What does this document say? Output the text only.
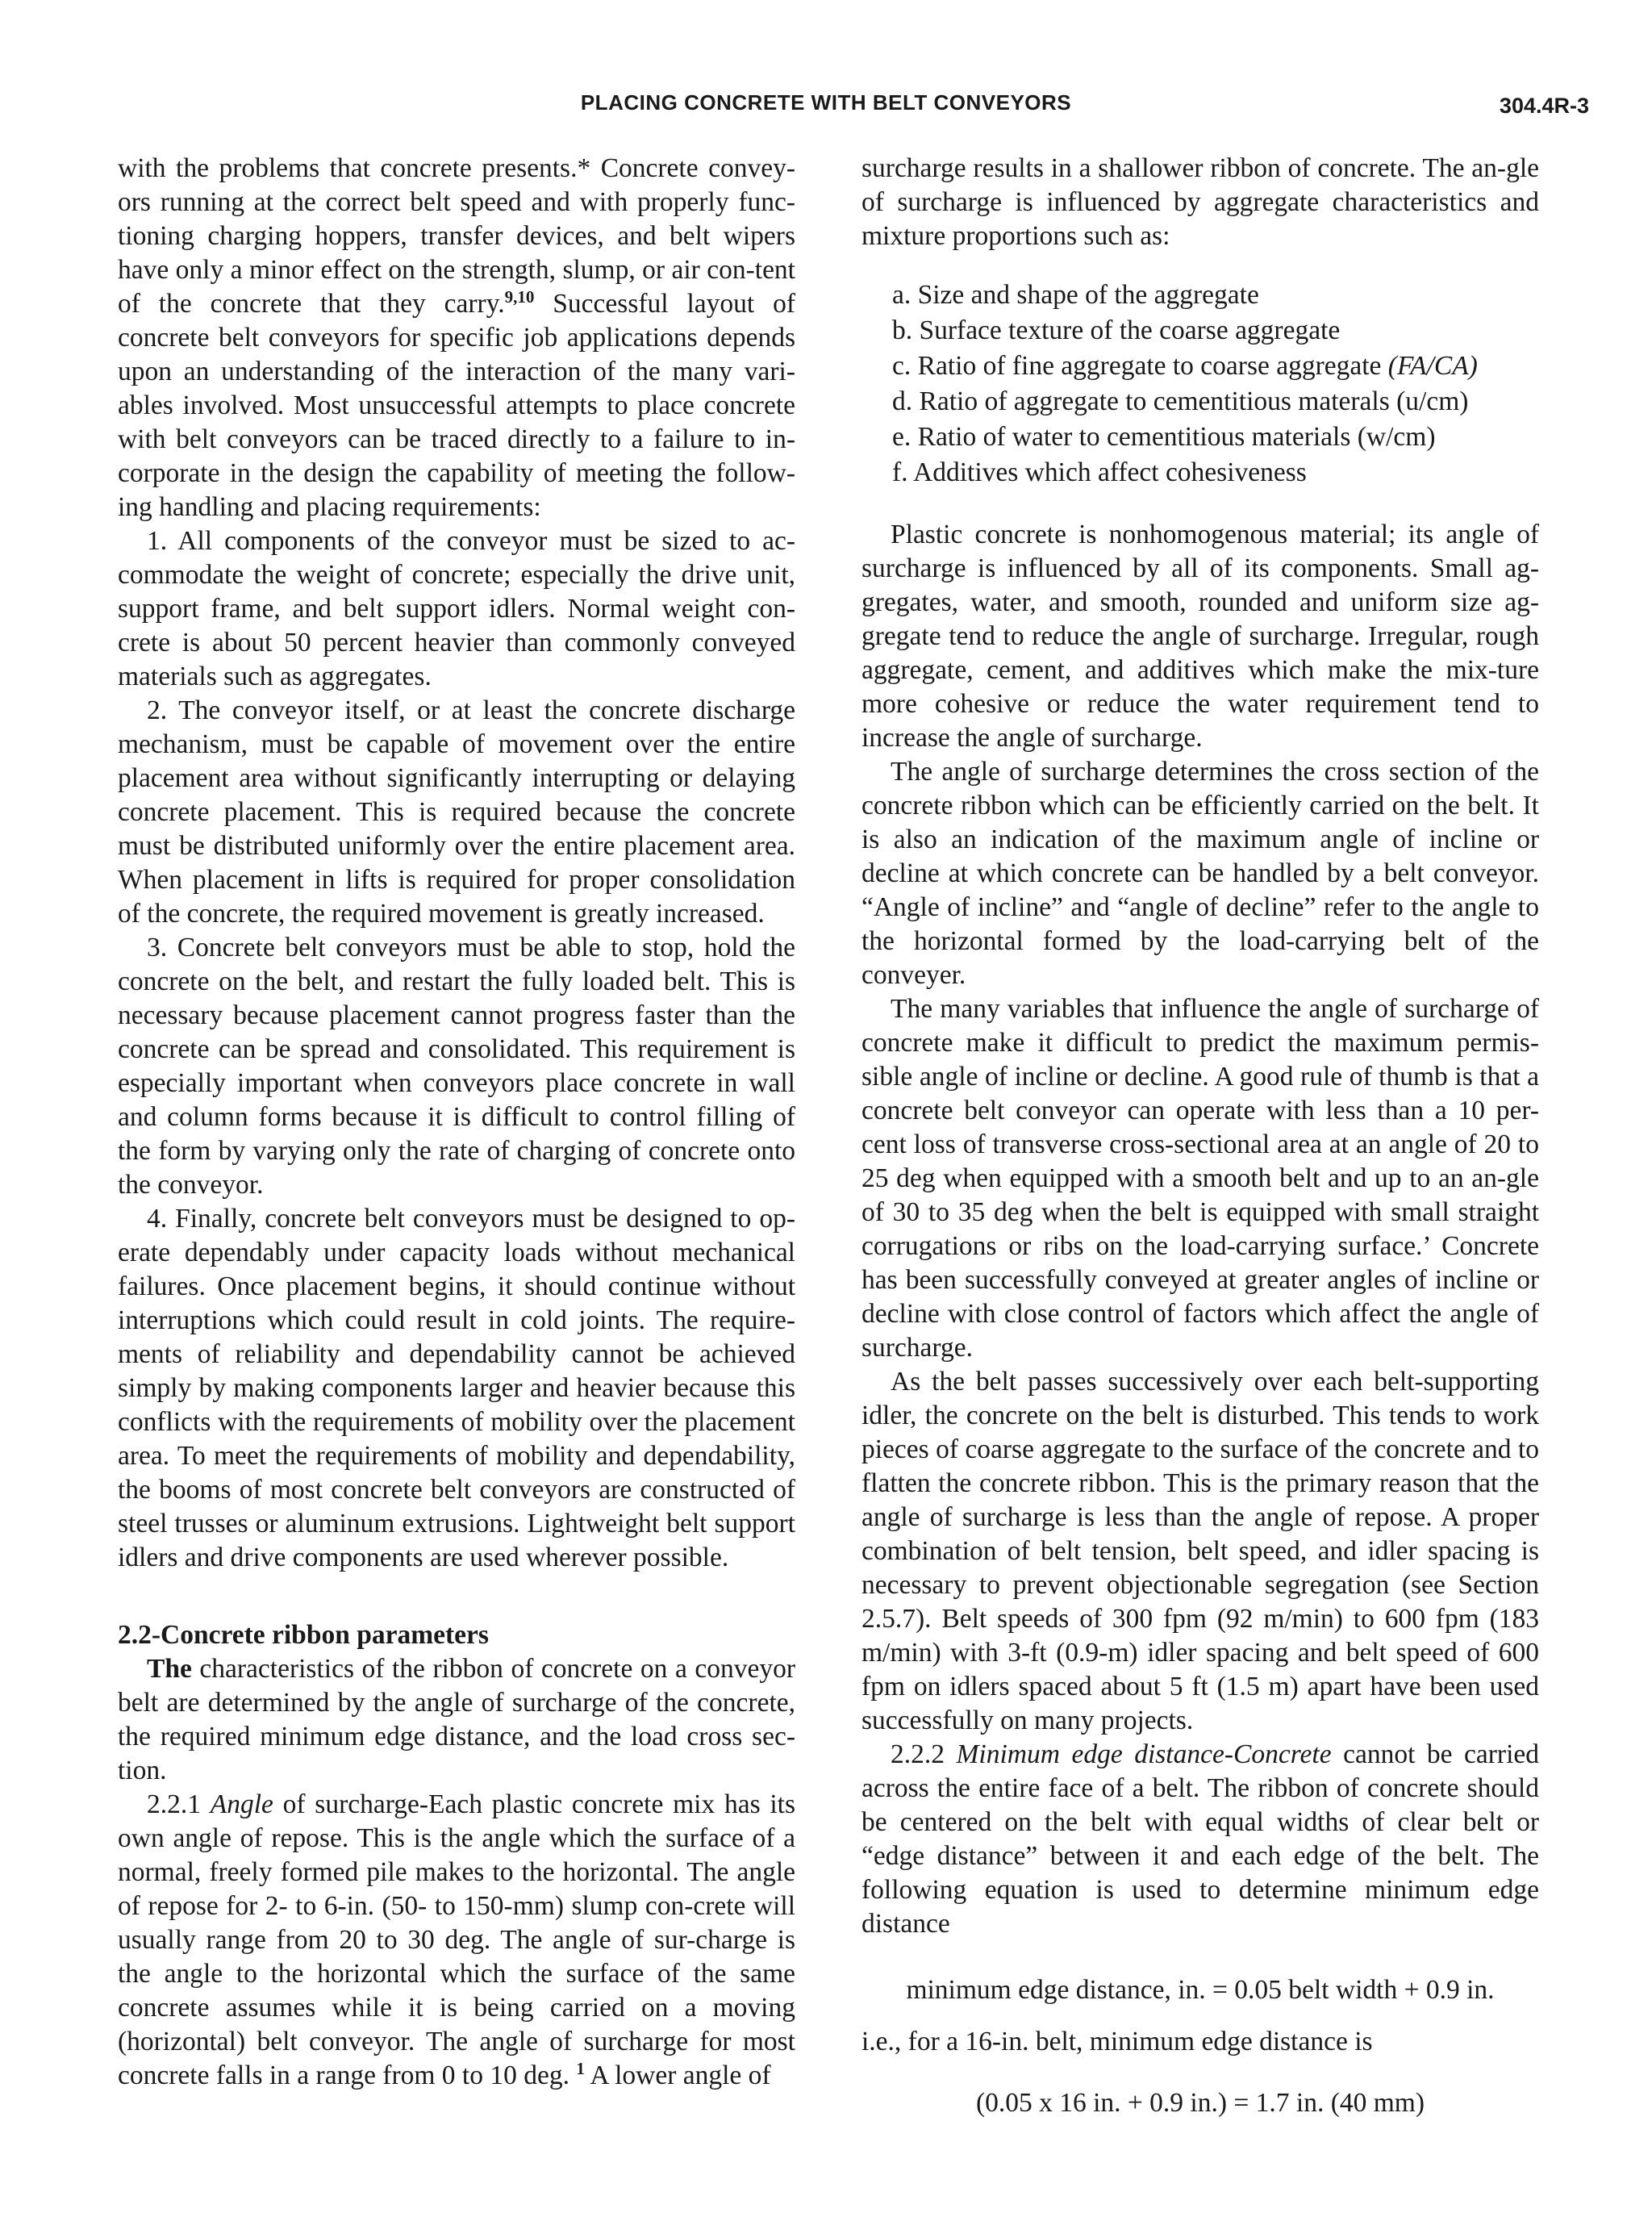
PLACING CONCRETE WITH BELT CONVEYORS	304.4R-3

with the problems that concrete presents.* Concrete convey-ors running at the correct belt speed and with properly func-tioning charging hoppers, transfer devices, and belt wipers have only a minor effect on the strength, slump, or air con-tent of the concrete that they carry.$^{9,10}$ Successful layout of concrete belt conveyors for specific job applications depends upon an understanding of the interaction of the many vari-ables involved. Most unsuccessful attempts to place concrete with belt conveyors can be traced directly to a failure to in-corporate in the design the capability of meeting the follow-ing handling and placing requirements:

1. All components of the conveyor must be sized to ac-commodate the weight of concrete; especially the drive unit, support frame, and belt support idlers. Normal weight con-crete is about 50 percent heavier than commonly conveyed materials such as aggregates.

2. The conveyor itself, or at least the concrete discharge mechanism, must be capable of movement over the entire placement area without significantly interrupting or delaying concrete placement. This is required because the concrete must be distributed uniformly over the entire placement area. When placement in lifts is required for proper consolidation of the concrete, the required movement is greatly increased.

3. Concrete belt conveyors must be able to stop, hold the concrete on the belt, and restart the fully loaded belt. This is necessary because placement cannot progress faster than the concrete can be spread and consolidated. This requirement is especially important when conveyors place concrete in wall and column forms because it is difficult to control filling of the form by varying only the rate of charging of concrete onto the conveyor.

4. Finally, concrete belt conveyors must be designed to op-erate dependably under capacity loads without mechanical failures. Once placement begins, it should continue without interruptions which could result in cold joints. The require-ments of reliability and dependability cannot be achieved simply by making components larger and heavier because this conflicts with the requirements of mobility over the placement area. To meet the requirements of mobility and dependability, the booms of most concrete belt conveyors are constructed of steel trusses or aluminum extrusions. Lightweight belt support idlers and drive components are used wherever possible.

2.2-Concrete ribbon parameters

The characteristics of the ribbon of concrete on a conveyor belt are determined by the angle of surcharge of the concrete, the required minimum edge distance, and the load cross sec-tion.

2.2.1 Angle of surcharge-Each plastic concrete mix has its own angle of repose. This is the angle which the surface of a normal, freely formed pile makes to the horizontal. The angle of repose for 2- to 6-in. (50- to 150-mm) slump con-crete will usually range from 20 to 30 deg. The angle of sur-charge is the angle to the horizontal which the surface of the same concrete assumes while it is being carried on a moving (horizontal) belt conveyor. The angle of surcharge for most concrete falls in a range from 0 to 10 deg. $^1$ A lower angle of

surcharge results in a shallower ribbon of concrete. The an-gle of surcharge is influenced by aggregate characteristics and mixture proportions such as:

a. Size and shape of the aggregate
b. Surface texture of the coarse aggregate
c. Ratio of fine aggregate to coarse aggregate (FA/CA)
d. Ratio of aggregate to cementitious materals (u/cm)
e. Ratio of water to cementitious materials (w/cm)
f. Additives which affect cohesiveness

Plastic concrete is nonhomogenous material; its angle of surcharge is influenced by all of its components. Small ag-gregates, water, and smooth, rounded and uniform size ag-gregate tend to reduce the angle of surcharge. Irregular, rough aggregate, cement, and additives which make the mix-ture more cohesive or reduce the water requirement tend to increase the angle of surcharge.

The angle of surcharge determines the cross section of the concrete ribbon which can be efficiently carried on the belt. It is also an indication of the maximum angle of incline or decline at which concrete can be handled by a belt conveyor. “Angle of incline” and “angle of decline” refer to the angle to the horizontal formed by the load-carrying belt of the conveyer.

The many variables that influence the angle of surcharge of concrete make it difficult to predict the maximum permis-sible angle of incline or decline. A good rule of thumb is that a concrete belt conveyor can operate with less than a 10 per-cent loss of transverse cross-sectional area at an angle of 20 to 25 deg when equipped with a smooth belt and up to an an-gle of 30 to 35 deg when the belt is equipped with small straight corrugations or ribs on the load-carrying surface.’ Concrete has been successfully conveyed at greater angles of incline or decline with close control of factors which affect the angle of surcharge.

As the belt passes successively over each belt-supporting idler, the concrete on the belt is disturbed. This tends to work pieces of coarse aggregate to the surface of the concrete and to flatten the concrete ribbon. This is the primary reason that the angle of surcharge is less than the angle of repose. A proper combination of belt tension, belt speed, and idler spacing is necessary to prevent objectionable segregation (see Section 2.5.7). Belt speeds of 300 fpm (92 m/min) to 600 fpm (183 m/min) with 3-ft (0.9-m) idler spacing and belt speed of 600 fpm on idlers spaced about 5 ft (1.5 m) apart have been used successfully on many projects.

2.2.2 Minimum edge distance-Concrete cannot be carried across the entire face of a belt. The ribbon of concrete should be centered on the belt with equal widths of clear belt or “edge distance” between it and each edge of the belt. The following equation is used to determine minimum edge distance

minimum edge distance, in. = 0.05 belt width + 0.9 in.

i.e., for a 16-in. belt, minimum edge distance is

(0.05 x 16 in. + 0.9 in.) = 1.7 in. (40 mm)
